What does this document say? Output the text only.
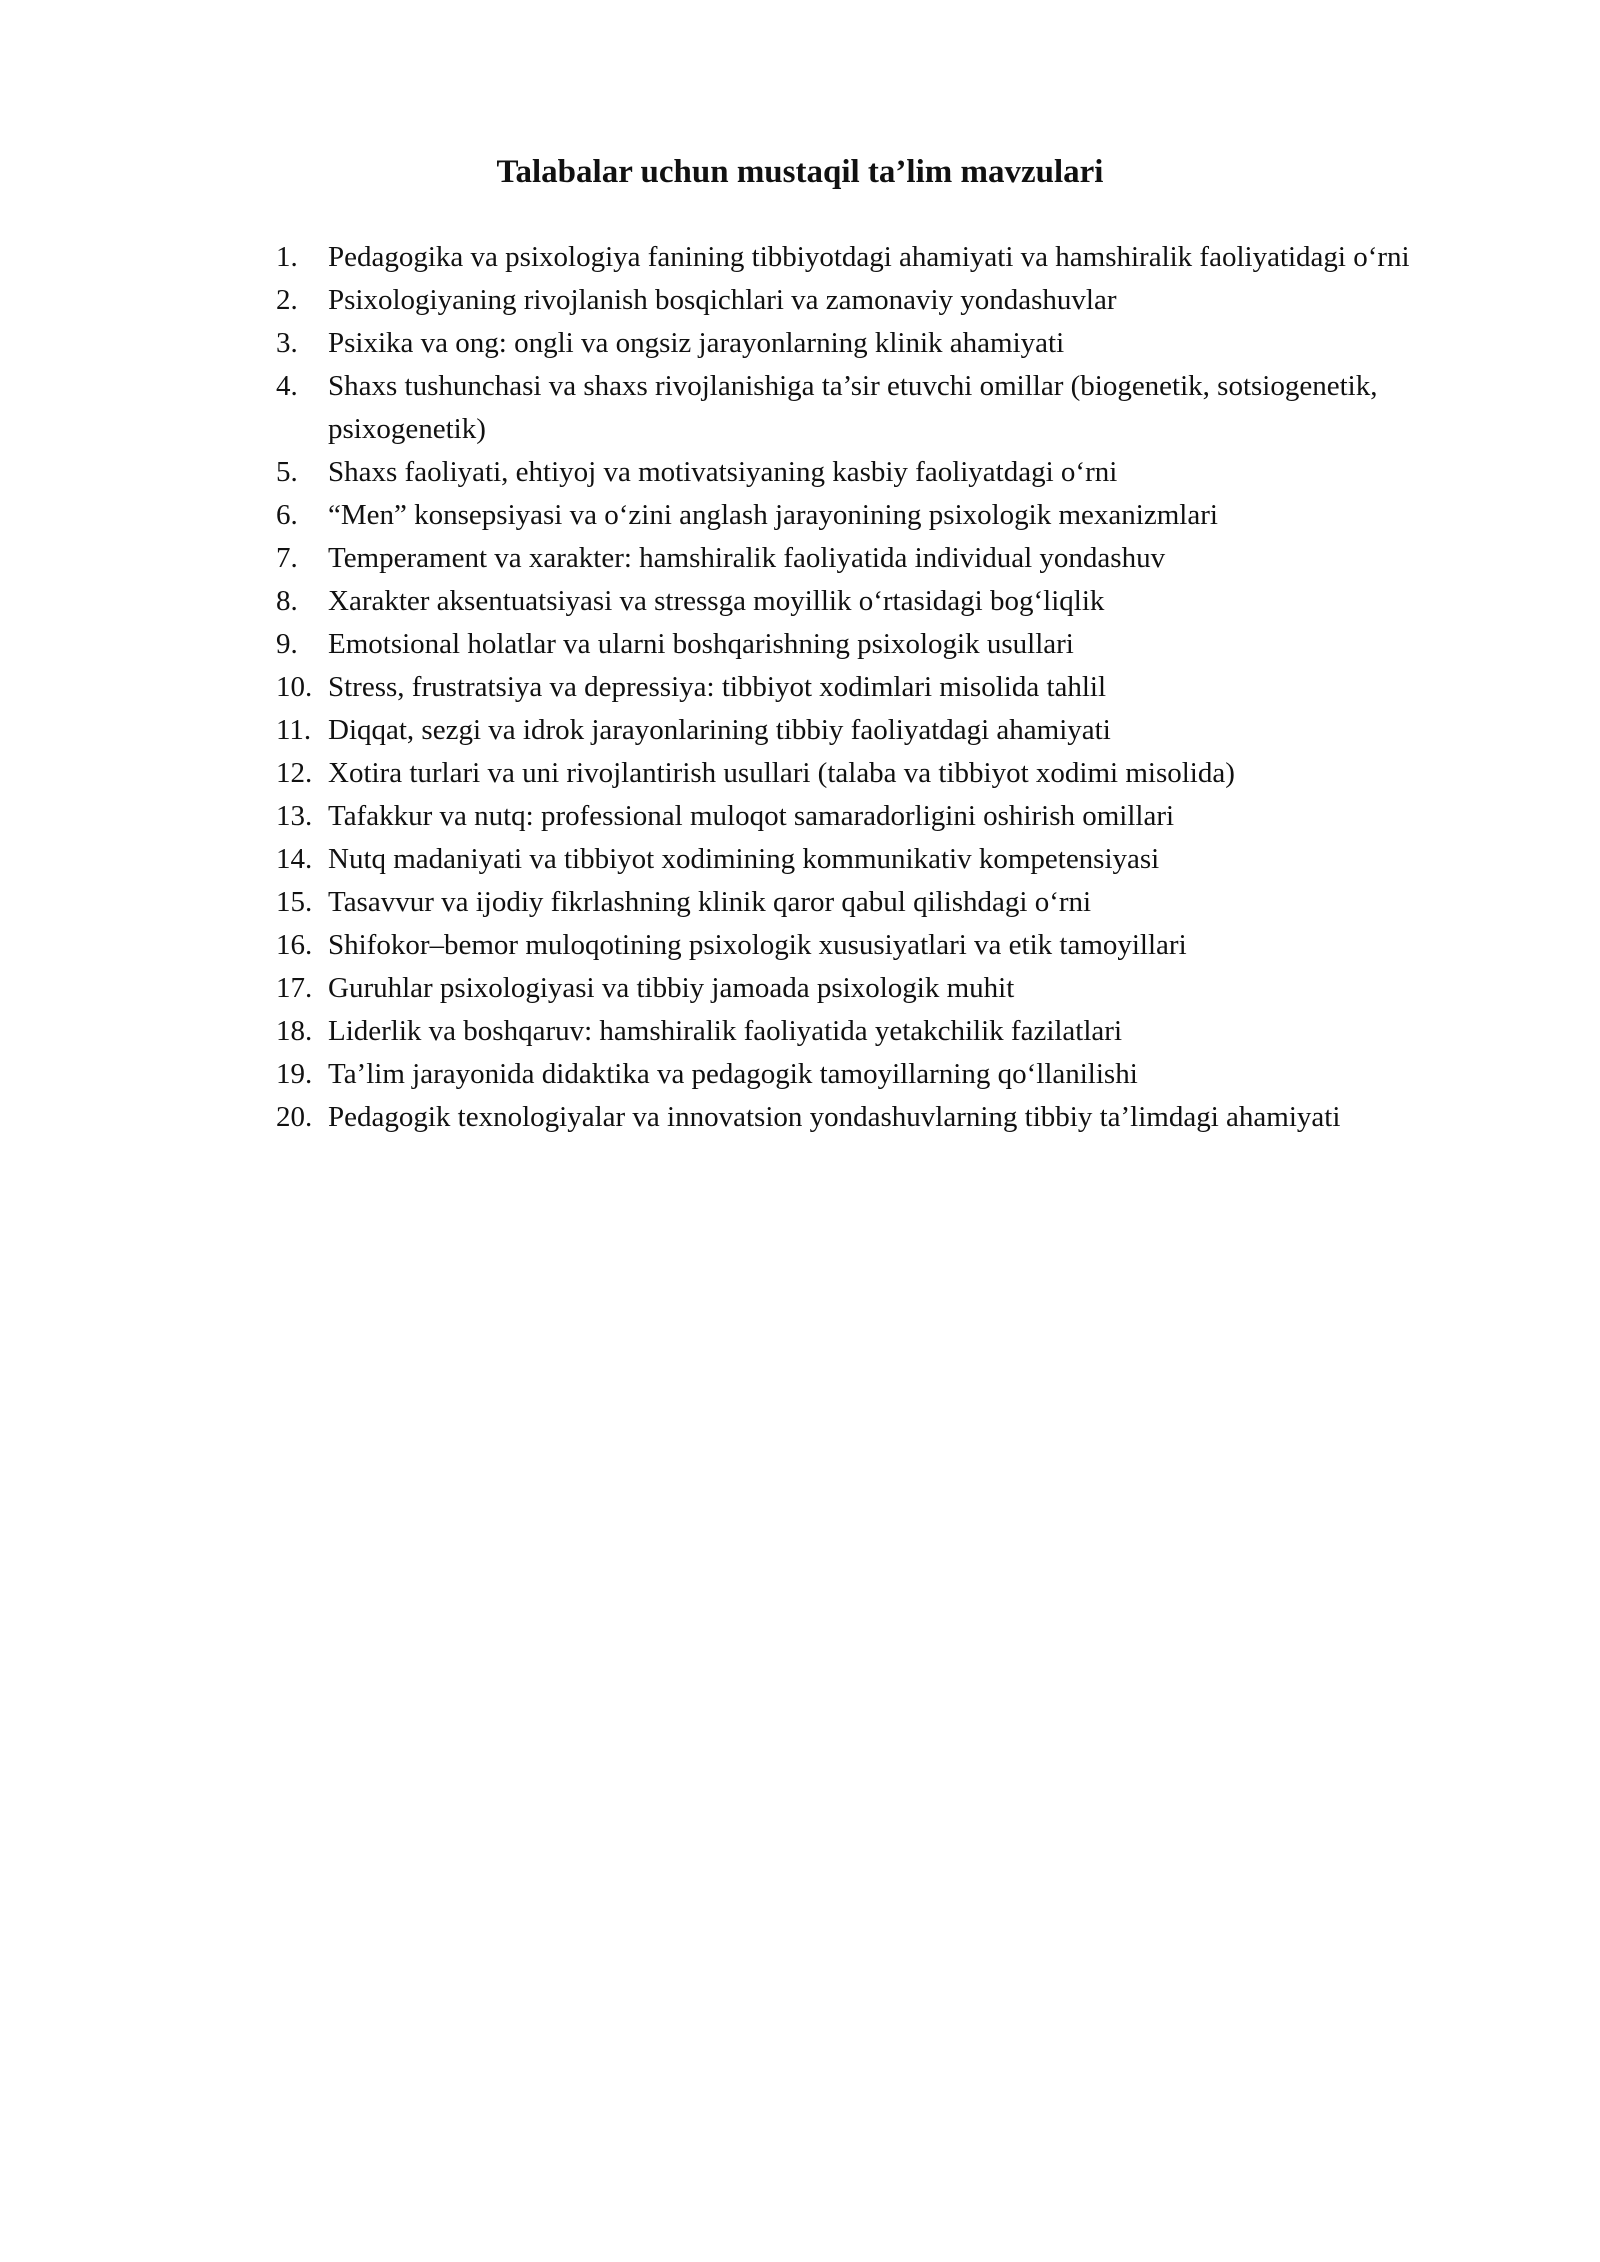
Talabalar uchun mustaqil ta’lim mavzulari
1. Pedagogika va psixologiya fanining tibbiyotdagi ahamiyati va hamshiralik faoliyatidagi o‘rni
2. Psixologiyaning rivojlanish bosqichlari va zamonaviy yondashuvlar
3. Psixika va ong: ongli va ongsiz jarayonlarning klinik ahamiyati
4. Shaxs tushunchasi va shaxs rivojlanishiga ta’sir etuvchi omillar (biogenetik, sotsiogenetik, psixogenetik)
5. Shaxs faoliyati, ehtiyoj va motivatsiyaning kasbiy faoliyatdagi o‘rni
6. “Men” konsepsiyasi va o‘zini anglash jarayonining psixologik mexanizmlari
7. Temperament va xarakter: hamshiralik faoliyatida individual yondashuv
8. Xarakter aksentuatsiyasi va stressga moyillik o‘rtasidagi bog‘liqlik
9. Emotsional holatlar va ularni boshqarishning psixologik usullari
10. Stress, frustratsiya va depressiya: tibbiyot xodimlari misolida tahlil
11. Diqqat, sezgi va idrok jarayonlarining tibbiy faoliyatdagi ahamiyati
12. Xotira turlari va uni rivojlantirish usullari (talaba va tibbiyot xodimi misolida)
13. Tafakkur va nutq: professional muloqot samaradorligini oshirish omillari
14. Nutq madaniyati va tibbiyot xodimining kommunikativ kompetensiyasi
15. Tasavvur va ijodiy fikrlashning klinik qaror qabul qilishdagi o‘rni
16. Shifokor–bemor muloqotining psixologik xususiyatlari va etik tamoyillari
17. Guruhlar psixologiyasi va tibbiy jamoada psixologik muhit
18. Liderlik va boshqaruv: hamshiralik faoliyatida yetakchilik fazilatlari
19. Ta’lim jarayonida didaktika va pedagogik tamoyillarning qo‘llanilishi
20. Pedagogik texnologiyalar va innovatsion yondashuvlarning tibbiy ta’limdagi ahamiyati
